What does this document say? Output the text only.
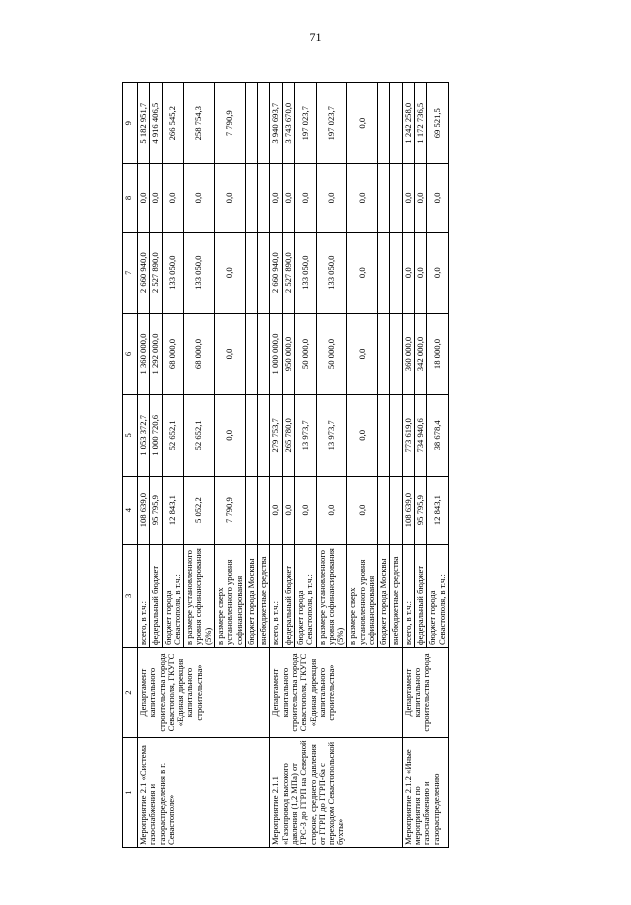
71
1	2	3	4	5	6	7	8	9
Мероприятие 2.1 «Система газоснабжения и газораспределения в г. Севастополе»	Департамент капитального строительства города Севастополя, ГКУГС «Единая дирекция капитального строительства»	всего, в т.ч.:	108 639,0	1 053 372,7	1 360 000,0	2 660 940,0	0,0	5 182 951,7
		федеральный бюджет	95 795,9	1 000 720,6	1 292 000,0	2 527 890,0	0,0	4 916 406,5
		бюджет города Севастополя, в т.ч.:	12 843,1	52 652,1	68 000,0	133 050,0	0,0	266 545,2
		в размере установленного уровня софинансирования (5%)	5 052,2	52 652,1	68 000,0	133 050,0	0,0	258 754,3
		в размере сверх установленного уровня софинансирования	7 790,9	0,0	0,0	0,0	0,0	7 790,9
		бюджет города Москвы						
		внебюджетные средства						
Мероприятие 2.1.1 «Газопровод высокого давления (1,2 МПа) от ГРС-3 до ГГРП на Северной стороне, среднего давления от ГГРП до ГГРП-6а с переходом Севастопольской бухты»	Департамент капитального строительства города Севастополя, ГКУГС «Единая дирекция капитального строительства»	всего, в т.ч.:	0,0	279 753,7	1 000 000,0	2 660 940,0	0,0	3 940 693,7
		федеральный бюджет	0,0	265 780,0	950 000,0	2 527 890,0	0,0	3 743 670,0
		бюджет города Севастополя, в т.ч.:	0,0	13 973,7	50 000,0	133 050,0	0,0	197 023,7
		в размере установленного уровня софинансирования (5%)	0,0	13 973,7	50 000,0	133 050,0	0,0	197 023,7
		в размере сверх установленного уровня софинансирования	0,0	0,0	0,0	0,0	0,0	0,0
		бюджет города Москвы						
		внебюджетные средства						
Мероприятие 2.1.2 «Иные мероприятия по газоснабжению и газораспределению	Департамент капитального строительства города	всего, в т.ч.:	108 639,0	773 619,0	360 000,0	0,0	0,0	1 242 258,0
		федеральный бюджет	95 795,9	734 940,6	342 000,0	0,0	0,0	1 172 736,5
		бюджет города Севастополя, в т.ч.:	12 843,1	38 678,4	18 000,0	0,0	0,0	69 521,5
